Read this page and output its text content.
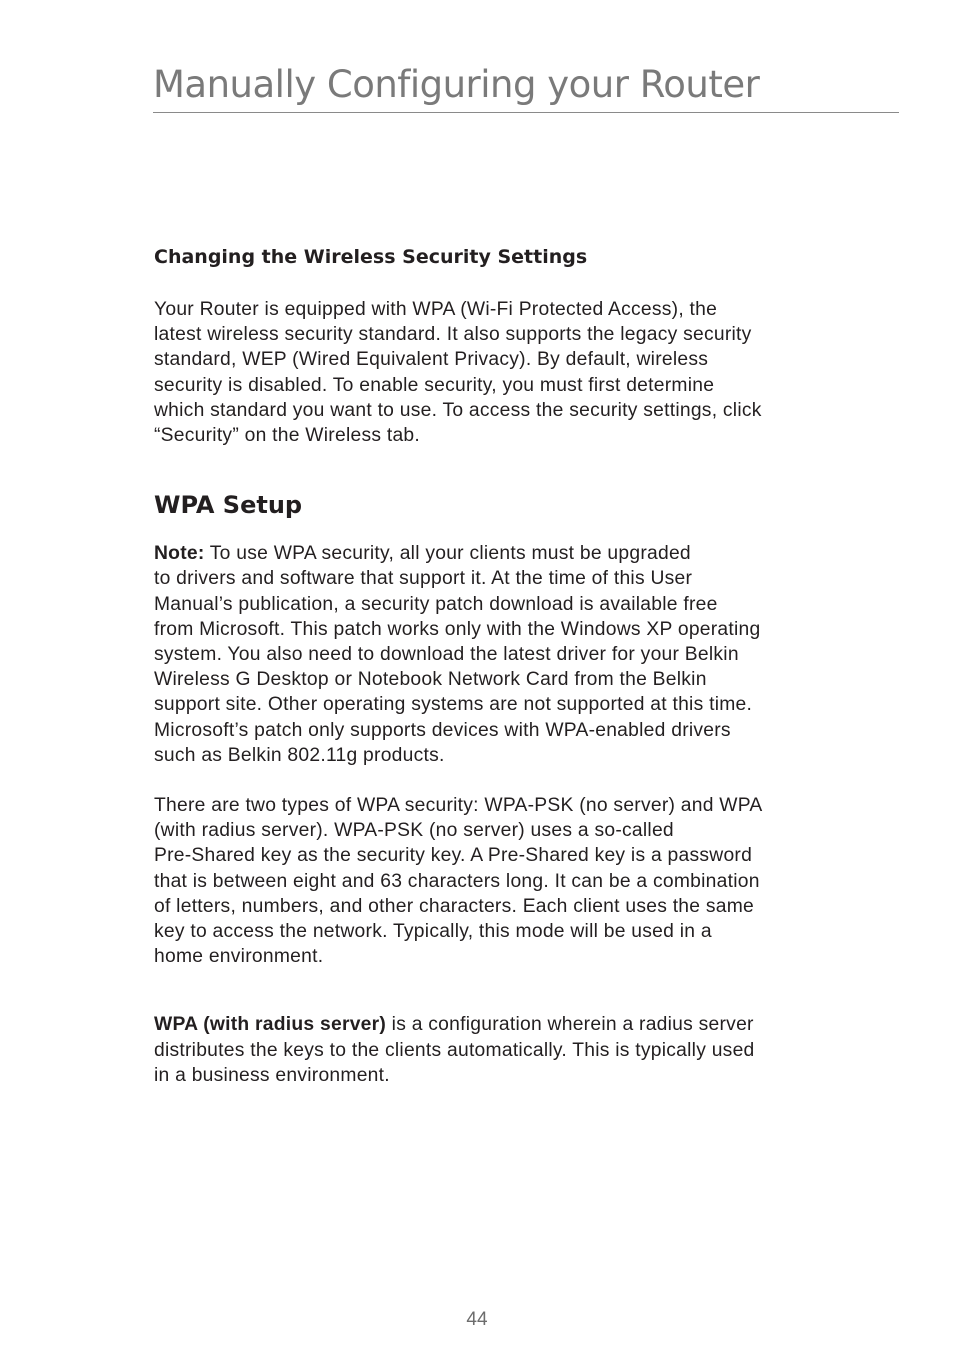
Manually Configuring your Router
Changing the Wireless Security Settings

Your Router is equipped with WPA (Wi-Fi Protected Access), the
latest wireless security standard. It also supports the legacy security
standard, WEP (Wired Equivalent Privacy). By default, wireless
security is disabled. To enable security, you must first determine
which standard you want to use. To access the security settings, click
“Security” on the Wireless tab.

WPA Setup

Note: To use WPA security, all your clients must be upgraded
to drivers and software that support it. At the time of this User
Manual’s publication, a security patch download is available free
from Microsoft. This patch works only with the Windows XP operating
system. You also need to download the latest driver for your Belkin
Wireless G Desktop or Notebook Network Card from the Belkin
support site. Other operating systems are not supported at this time.
Microsoft’s patch only supports devices with WPA-enabled drivers
such as Belkin 802.11g products.

There are two types of WPA security: WPA-PSK (no server) and WPA
(with radius server). WPA-PSK (no server) uses a so-called
Pre-Shared key as the security key. A Pre-Shared key is a password
that is between eight and 63 characters long. It can be a combination
of letters, numbers, and other characters. Each client uses the same
key to access the network. Typically, this mode will be used in a
home environment.

WPA (with radius server) is a configuration wherein a radius server
distributes the keys to the clients automatically. This is typically used
in a business environment.

44
